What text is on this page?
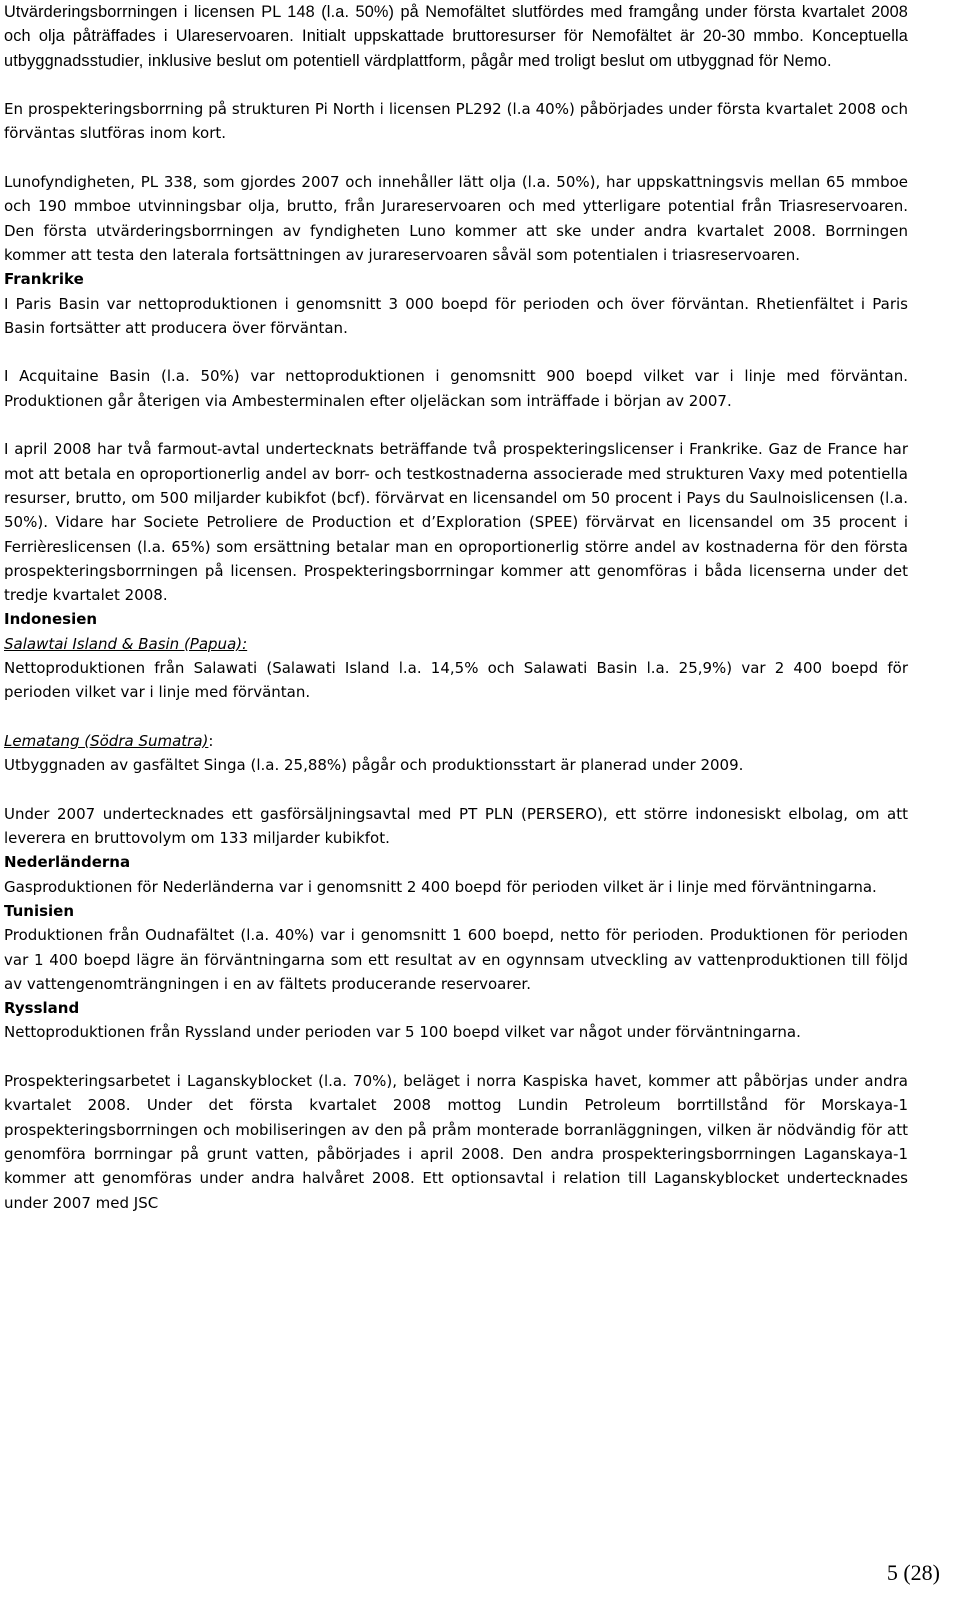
Utvärderingsborrningen i licensen PL 148 (l.a. 50%) på Nemofältet slutfördes med framgång under första kvartalet 2008 och olja påträffades i Ulareservoaren. Initialt uppskattade bruttoresurser för Nemofältet är 20-30 mmbo. Konceptuella utbyggnadsstudier, inklusive beslut om potentiell värdplattform, pågår med troligt beslut om utbyggnad för Nemo.

En prospekteringsborrning på strukturen Pi North i licensen PL292 (l.a 40%) påbörjades under första kvartalet 2008 och förväntas slutföras inom kort.

Lunofyndigheten, PL 338, som gjordes 2007 och innehåller lätt olja (l.a. 50%), har uppskattningsvis mellan 65 mmboe och 190 mmboe utvinningsbar olja, brutto, från Jurareservoaren och med ytterligare potential från Triasreservoaren. Den första utvärderingsborrningen av fyndigheten Luno kommer att ske under andra kvartalet 2008. Borrningen kommer att testa den laterala fortsättningen av jurareservoaren såväl som potentialen i triasreservoaren.

Frankrike

I Paris Basin var nettoproduktionen i genomsnitt 3 000 boepd för perioden och över förväntan. Rhetienfältet i Paris Basin fortsätter att producera över förväntan.

I Acquitaine Basin (l.a. 50%) var nettoproduktionen i genomsnitt 900 boepd vilket var i linje med förväntan. Produktionen går återigen via Ambesterminalen efter oljeläckan som inträffade i början av 2007.

I april 2008 har två farmout-avtal undertecknats beträffande två prospekteringslicenser i Frankrike. Gaz de France har mot att betala en oproportionerlig andel av borr- och testkostnaderna associerade med strukturen Vaxy med potentiella resurser, brutto, om 500 miljarder kubikfot (bcf). förvärvat en licensandel om 50 procent i Pays du Saulnoislicensen (l.a. 50%). Vidare har Societe Petroliere de Production et d’Exploration (SPEE) förvärvat en licensandel om 35 procent i Ferrièreslicensen (l.a. 65%) som ersättning betalar man en oproportionerlig större andel av kostnaderna för den första prospekteringsborrningen på licensen. Prospekteringsborrningar kommer att genomföras i båda licenserna under det tredje kvartalet 2008.

Indonesien

Salawtai Island & Basin (Papua):

Nettoproduktionen från Salawati (Salawati Island l.a. 14,5% och Salawati Basin l.a. 25,9%) var 2 400 boepd för perioden vilket var i linje med förväntan.

Lematang (Södra Sumatra):

Utbyggnaden av gasfältet Singa (l.a. 25,88%) pågår och produktionsstart är planerad under 2009.

Under 2007 undertecknades ett gasförsäljningsavtal med PT PLN (PERSERO), ett större indonesiskt elbolag, om att leverera en bruttovolym om 133 miljarder kubikfot.

Nederländerna

Gasproduktionen för Nederländerna var i genomsnitt 2 400 boepd för perioden vilket är i linje med förväntningarna.

Tunisien

Produktionen från Oudnafältet (l.a. 40%) var i genomsnitt 1 600 boepd, netto för perioden. Produktionen för perioden var 1 400 boepd lägre än förväntningarna som ett resultat av en ogynnsam utveckling av vattenproduktionen till följd av vattengenomträngningen i en av fältets producerande reservoarer.

Ryssland

Nettoproduktionen från Ryssland under perioden var 5 100 boepd vilket var något under förväntningarna.

Prospekteringsarbetet i Laganskyblocket (l.a. 70%), beläget i norra Kaspiska havet, kommer att påbörjas under andra kvartalet 2008. Under det första kvartalet 2008 mottog Lundin Petroleum borrtillstånd för Morskaya-1 prospekteringsborrningen och mobiliseringen av den på pråm monterade borranläggningen, vilken är nödvändig för att genomföra borrningar på grunt vatten, påbörjades i april 2008. Den andra prospekteringsborrningen Laganskaya-1 kommer att genomföras under andra halvåret 2008. Ett optionsavtal i relation till Laganskyblocket undertecknades under 2007 med JSC

5 (28)
